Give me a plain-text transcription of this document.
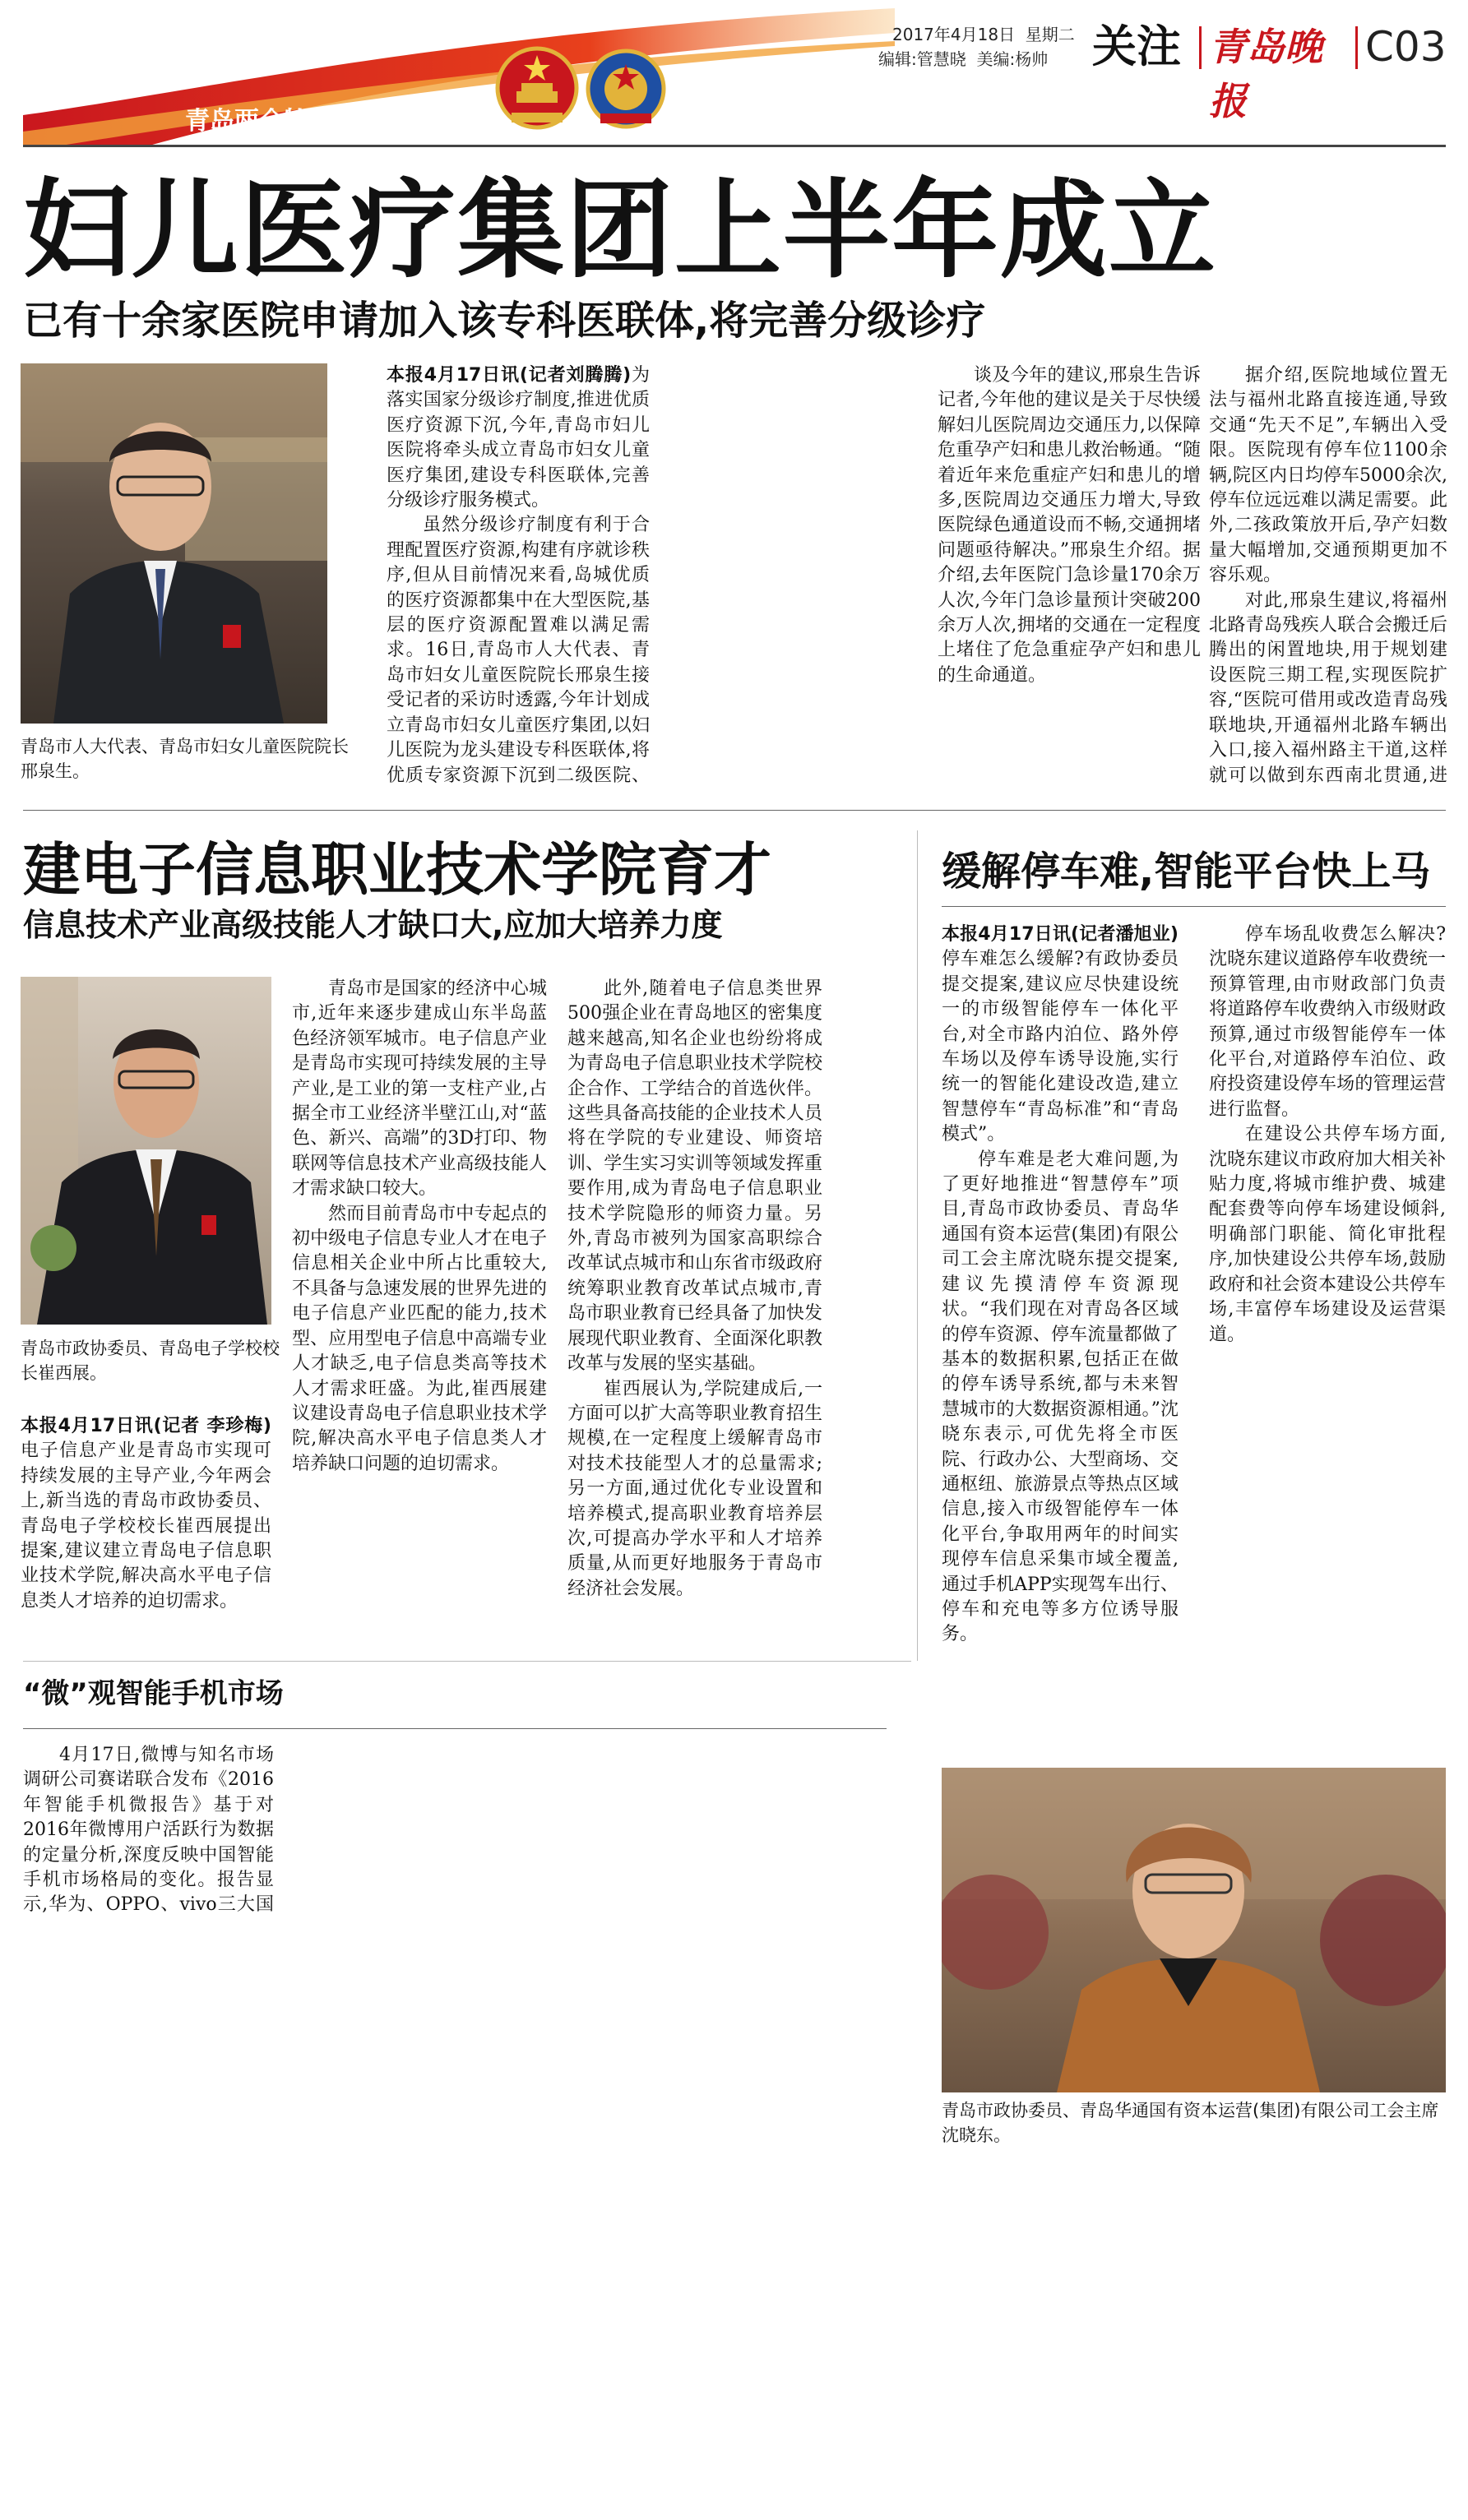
青岛两会特别报道
2017年4月18日 星期二
编辑:管慧晓 美编:杨帅 关注 青岛晚报
C03
妇儿医疗集团上半年成立
已有十余家医院申请加入该专科医联体,将完善分级诊疗
青岛市人大代表、青岛市妇女儿童医院院长邢泉生。

本报4月17日讯(记者刘腾腾)为落实国家分级诊疗制度,推进优质医疗资源下沉,今年,青岛市妇儿医院将牵头成立青岛市妇女儿童医疗集团,建设专科医联体,完善分级诊疗服务模式。

虽然分级诊疗制度有利于合理配置医疗资源,构建有序就诊秩序,但从目前情况来看,岛城优质的医疗资源都集中在大型医院,基层的医疗资源配置难以满足需求。16日,青岛市人大代表、青岛市妇女儿童医院院长邢泉生接受记者的采访时透露,今年计划成立青岛市妇女儿童医疗集团,以妇儿医院为龙头建设专科医联体,将优质专家资源下沉到二级医院、

谈及今年的建议,邢泉生告诉记者,今年他的建议是关于尽快缓解妇儿医院周边交通压力,以保障危重孕产妇和患儿救治畅通。“随着近年来危重症产妇和患儿的增多,医院周边交通压力增大,导致医院绿色通道设而不畅,交通拥堵问题亟待解决。”邢泉生介绍。据介绍,去年医院门急诊量170余万人次,今年门急诊量预计突破200余万人次,拥堵的交通在一定程度上堵住了危急重症孕产妇和患儿的生命通道。

据介绍,医院地域位置无法与福州北路直接连通,导致交通“先天不足”,车辆出入受限。医院现有停车位1100余辆,院区内日均停车5000余次,停车位远远难以满足需要。此外,二孩政策放开后,孕产妇数量大幅增加,交通预期更加不容乐观。

对此,邢泉生建议,将福州北路青岛残疾人联合会搬迁后腾出的闲置地块,用于规划建设医院三期工程,实现医院扩容,“医院可借用或改造青岛残联地块,开通福州北路车辆出入口,接入福州路主干道,这样就可以做到东西南北贯通,进

建电子信息职业技术学院育才
信息技术产业高级技能人才缺口大,应加大培养力度
青岛市政协委员、青岛电子学校校长崔西展。

本报4月17日讯(记者 李珍梅)电子信息产业是青岛市实现可持续发展的主导产业,今年两会上,新当选的青岛市政协委员、青岛电子学校校长崔西展提出提案,建议建立青岛电子信息职业技术学院,解决高水平电子信息类人才培养的迫切需求。

青岛市是国家的经济中心城市,近年来逐步建成山东半岛蓝色经济领军城市。电子信息产业是青岛市实现可持续发展的主导产业,是工业的第一支柱产业,占据全市工业经济半壁江山,对“蓝色、新兴、高端”的3D打印、物联网等信息技术产业高级技能人才需求缺口较大。

然而目前青岛市中专起点的初中级电子信息专业人才在电子信息相关企业中所占比重较大,不具备与急速发展的世界先进的电子信息产业匹配的能力,技术型、应用型电子信息中高端专业人才缺乏,电子信息类高等技术人才需求旺盛。为此,崔西展建议建设青岛电子信息职业技术学院,解决高水平电子信息类人才培养缺口问题的迫切需求。

此外,随着电子信息类世界500强企业在青岛地区的密集度越来越高,知名企业也纷纷将成为青岛电子信息职业技术学院校企合作、工学结合的首选伙伴。这些具备高技能的企业技术人员将在学院的专业建设、师资培训、学生实习实训等领域发挥重要作用,成为青岛电子信息职业技术学院隐形的师资力量。另外,青岛市被列为国家高职综合改革试点城市和山东省市级政府统筹职业教育改革试点城市,青岛市职业教育已经具备了加快发展现代职业教育、全面深化职教改革与发展的坚实基础。

崔西展认为,学院建成后,一方面可以扩大高等职业教育招生规模,在一定程度上缓解青岛市对技术技能型人才的总量需求;另一方面,通过优化专业设置和培养模式,提高职业教育培养层次,可提高办学水平和人才培养质量,从而更好地服务于青岛市经济社会发展。

缓解停车难,智能平台快上马

本报4月17日讯(记者潘旭业)停车难怎么缓解?有政协委员提交提案,建议应尽快建设统一的市级智能停车一体化平台,对全市路内泊位、路外停车场以及停车诱导设施,实行统一的智能化建设改造,建立智慧停车“青岛标准”和“青岛模式”。

停车难是老大难问题,为了更好地推进“智慧停车”项目,青岛市政协委员、青岛华通国有资本运营(集团)有限公司工会主席沈晓东提交提案,建议先摸清停车资源现状。“我们现在对青岛各区域的停车资源、停车流量都做了基本的数据积累,包括正在做的停车诱导系统,都与未来智慧城市的大数据资源相通。”沈晓东表示,可优先将全市医院、行政办公、大型商场、交通枢纽、旅游景点等热点区域信息,接入市级智能停车一体化平台,争取用两年的时间实现停车信息采集市域全覆盖,通过手机APP实现驾车出行、停车和充电等多方位诱导服务。

停车场乱收费怎么解决?沈晓东建议道路停车收费统一预算管理,由市财政部门负责将道路停车收费纳入市级财政预算,通过市级智能停车一体化平台,对道路停车泊位、政府投资建设停车场的管理运营进行监督。

在建设公共停车场方面,沈晓东建议市政府加大相关补贴力度,将城市维护费、城建配套费等向停车场建设倾斜,明确部门职能、简化审批程序,加快建设公共停车场,鼓励政府和社会资本建设公共停车场,丰富停车场建设及运营渠道。

青岛市政协委员、青岛华通国有资本运营(集团)有限公司工会主席沈晓东。
“微”观智能手机市场

4月17日,微博与知名市场调研公司赛诺联合发布《2016年智能手机微报告》基于对2016年微博用户活跃行为数据的定量分析,深度反映中国智能手机市场格局的变化。报告显示,华为、OPPO、vivo三大国
